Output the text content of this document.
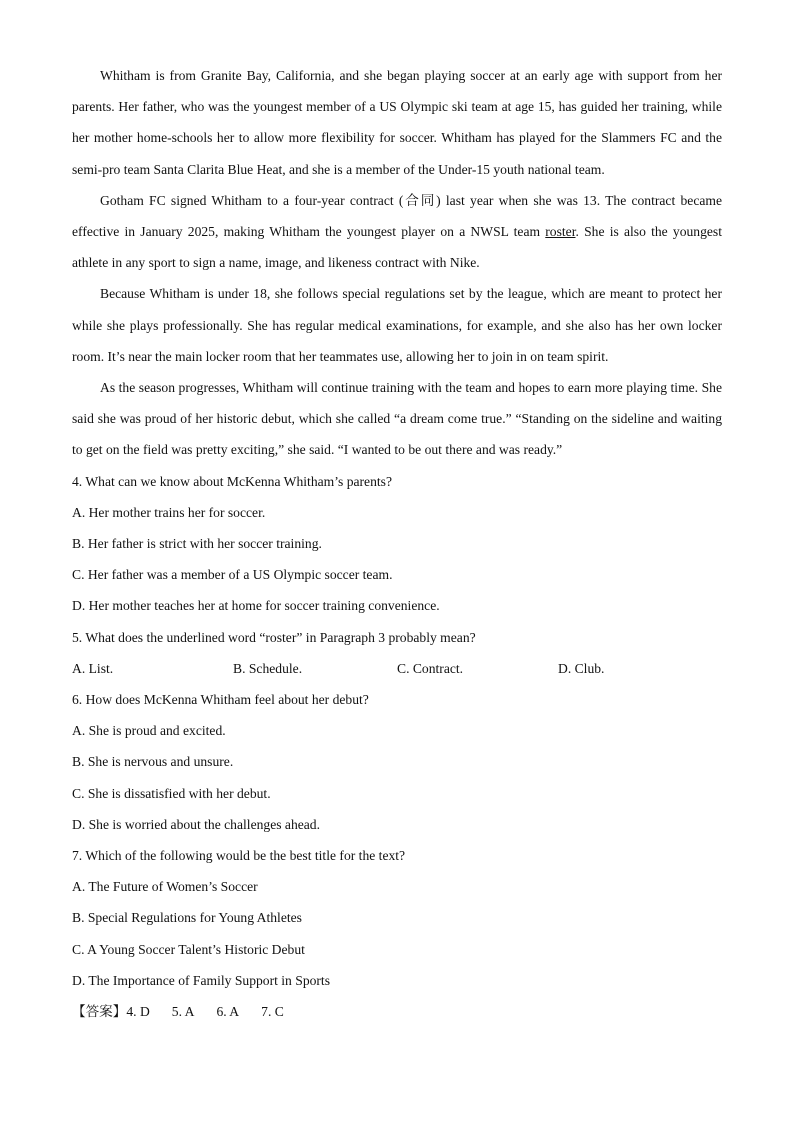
Whitham is from Granite Bay, California, and she began playing soccer at an early age with support from her parents. Her father, who was the youngest member of a US Olympic ski team at age 15, has guided her training, while her mother home-schools her to allow more flexibility for soccer. Whitham has played for the Slammers FC and the semi-pro team Santa Clarita Blue Heat, and she is a member of the Under-15 youth national team.

Gotham FC signed Whitham to a four-year contract (合同) last year when she was 13. The contract became effective in January 2025, making Whitham the youngest player on a NWSL team roster. She is also the youngest athlete in any sport to sign a name, image, and likeness contract with Nike.

Because Whitham is under 18, she follows special regulations set by the league, which are meant to protect her while she plays professionally. She has regular medical examinations, for example, and she also has her own locker room. It’s near the main locker room that her teammates use, allowing her to join in on team spirit.

As the season progresses, Whitham will continue training with the team and hopes to earn more playing time. She said she was proud of her historic debut, which she called “a dream come true.” “Standing on the sideline and waiting to get on the field was pretty exciting,” she said. “I wanted to be out there and was ready.”

4. What can we know about McKenna Whitham’s parents?

A. Her mother trains her for soccer.

B. Her father is strict with her soccer training.

C. Her father was a member of a US Olympic soccer team.

D. Her mother teaches her at home for soccer training convenience.

5. What does the underlined word “roster” in Paragraph 3 probably mean?

A. List.	B. Schedule.	C. Contract.	D. Club.

6. How does McKenna Whitham feel about her debut?

A. She is proud and excited.

B. She is nervous and unsure.

C. She is dissatisfied with her debut.

D. She is worried about the challenges ahead.

7. Which of the following would be the best title for the text?

A. The Future of Women’s Soccer

B. Special Regulations for Young Athletes

C. A Young Soccer Talent’s Historic Debut

D. The Importance of Family Support in Sports

【答案】4. D 5. A 6. A 7. C
